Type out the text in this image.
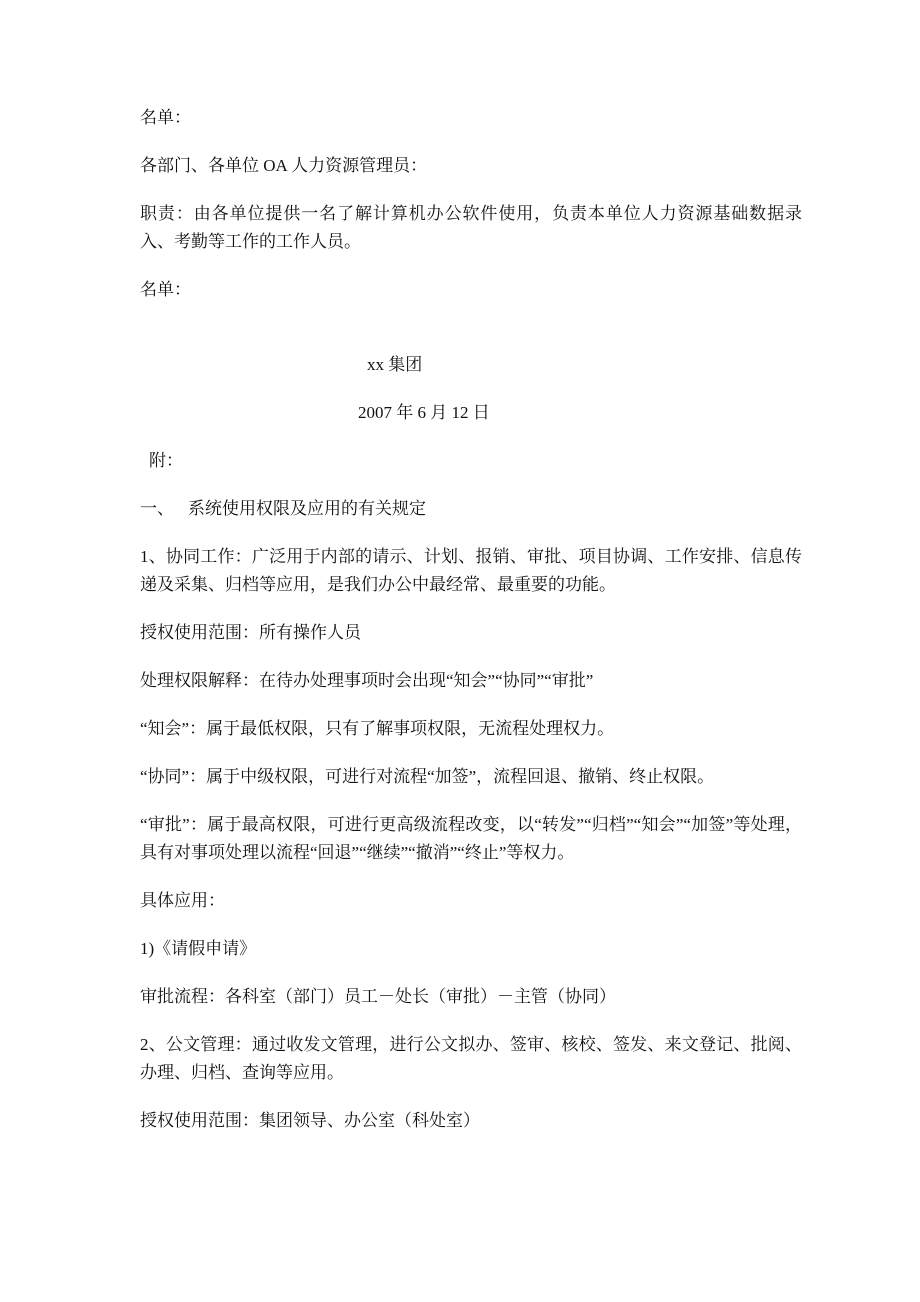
名单：

各部门、各单位 OA 人力资源管理员：

职责：由各单位提供一名了解计算机办公软件使用，负责本单位人力资源基础数据录入、考勤等工作的工作人员。

名单：

xx 集团

2007 年 6 月 12 日

附：

一、 系统使用权限及应用的有关规定

1、协同工作：广泛用于内部的请示、计划、报销、审批、项目协调、工作安排、信息传递及采集、归档等应用，是我们办公中最经常、最重要的功能。

授权使用范围：所有操作人员

处理权限解释：在待办处理事项时会出现“知会”“协同”“审批”

“知会”：属于最低权限，只有了解事项权限，无流程处理权力。

“协同”：属于中级权限，可进行对流程“加签”，流程回退、撤销、终止权限。

“审批”：属于最高权限，可进行更高级流程改变，以“转发”“归档”“知会”“加签”等处理，具有对事项处理以流程“回退”“继续”“撤消”“终止”等权力。

具体应用：

1)《请假申请》

审批流程：各科室（部门）员工－处长（审批）－主管（协同）

2、公文管理：通过收发文管理，进行公文拟办、签审、核校、签发、来文登记、批阅、办理、归档、查询等应用。

授权使用范围：集团领导、办公室（科处室）
